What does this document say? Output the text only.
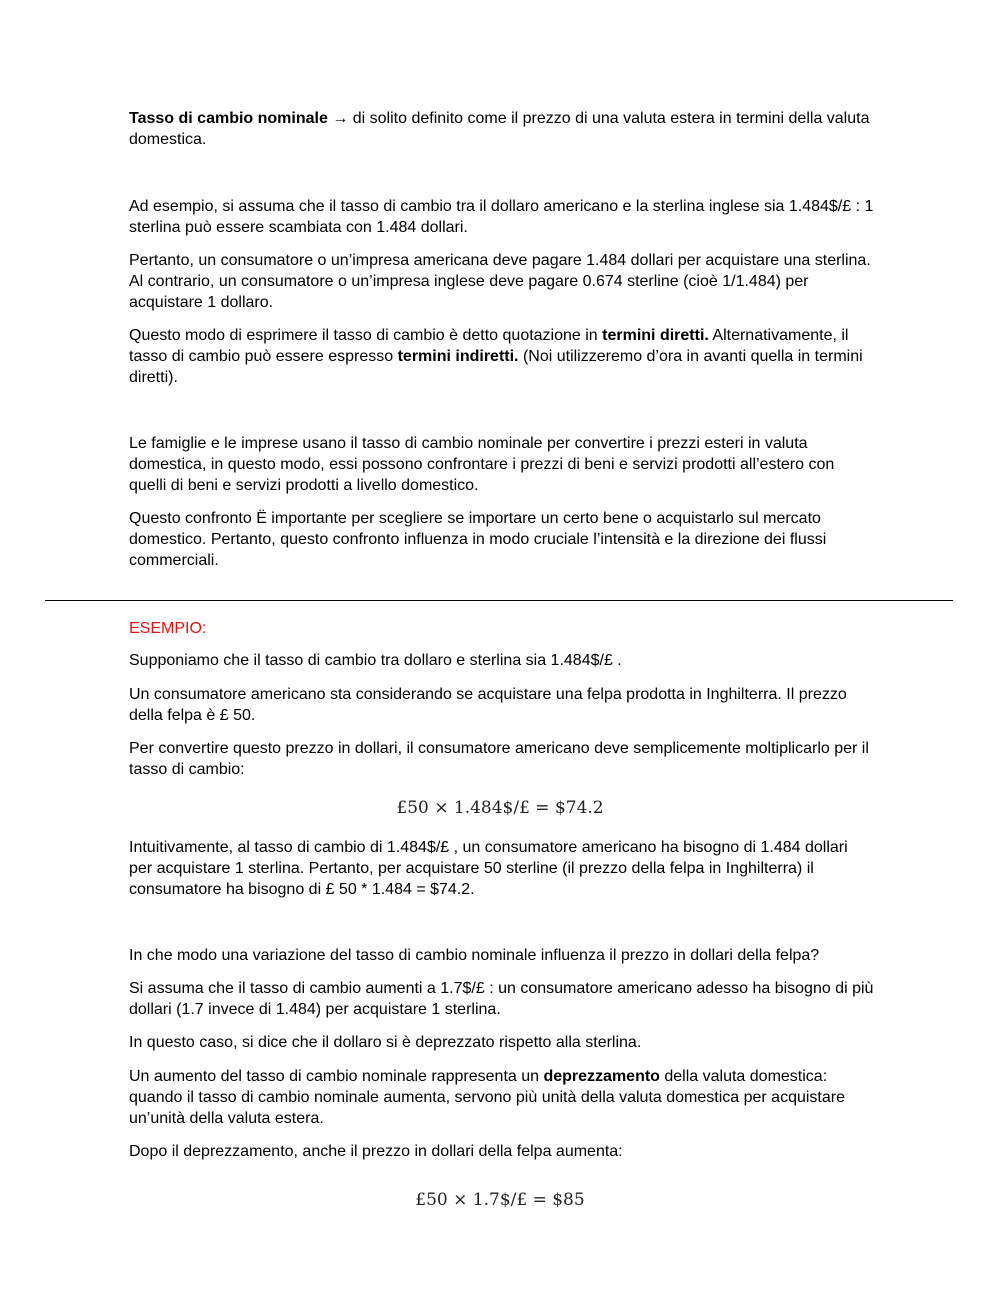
Tasso di cambio nominale → di solito definito come il prezzo di una valuta estera in termini della valuta domestica.

Ad esempio, si assuma che il tasso di cambio tra il dollaro americano e la sterlina inglese sia 1.484$/£ : 1 sterlina può essere scambiata con 1.484 dollari.

Pertanto, un consumatore o un’impresa americana deve pagare 1.484 dollari per acquistare una sterlina. Al contrario, un consumatore o un’impresa inglese deve pagare 0.674 sterline (cioè 1/1.484) per acquistare 1 dollaro.

Questo modo di esprimere il tasso di cambio è detto quotazione in termini diretti. Alternativamente, il tasso di cambio può essere espresso termini indiretti. (Noi utilizzeremo d’ora in avanti quella in termini diretti).

Le famiglie e le imprese usano il tasso di cambio nominale per convertire i prezzi esteri in valuta domestica, in questo modo, essi possono confrontare i prezzi di beni e servizi prodotti all’estero con quelli di beni e servizi prodotti a livello domestico.

Questo confronto Ë importante per scegliere se importare un certo bene o acquistarlo sul mercato domestico. Pertanto, questo confronto influenza in modo cruciale l’intensità e la direzione dei flussi commerciali.

ESEMPIO:

Supponiamo che il tasso di cambio tra dollaro e sterlina sia 1.484$/£ .

Un consumatore americano sta considerando se acquistare una felpa prodotta in Inghilterra. Il prezzo della felpa è £ 50.

Per convertire questo prezzo in dollari, il consumatore americano deve semplicemente moltiplicarlo per il tasso di cambio:

£50 × 1.484$/£ = $74.2

Intuitivamente, al tasso di cambio di 1.484$/£ , un consumatore americano ha bisogno di 1.484 dollari per acquistare 1 sterlina. Pertanto, per acquistare 50 sterline (il prezzo della felpa in Inghilterra) il consumatore ha bisogno di £ 50 * 1.484 = $74.2.

In che modo una variazione del tasso di cambio nominale influenza il prezzo in dollari della felpa?

Si assuma che il tasso di cambio aumenti a 1.7$/£ : un consumatore americano adesso ha bisogno di più dollari (1.7 invece di 1.484) per acquistare 1 sterlina.

In questo caso, si dice che il dollaro si è deprezzato rispetto alla sterlina.

Un aumento del tasso di cambio nominale rappresenta un deprezzamento della valuta domestica: quando il tasso di cambio nominale aumenta, servono più unità della valuta domestica per acquistare un’unità della valuta estera.

Dopo il deprezzamento, anche il prezzo in dollari della felpa aumenta:

£50 × 1.7$/£ = $85
